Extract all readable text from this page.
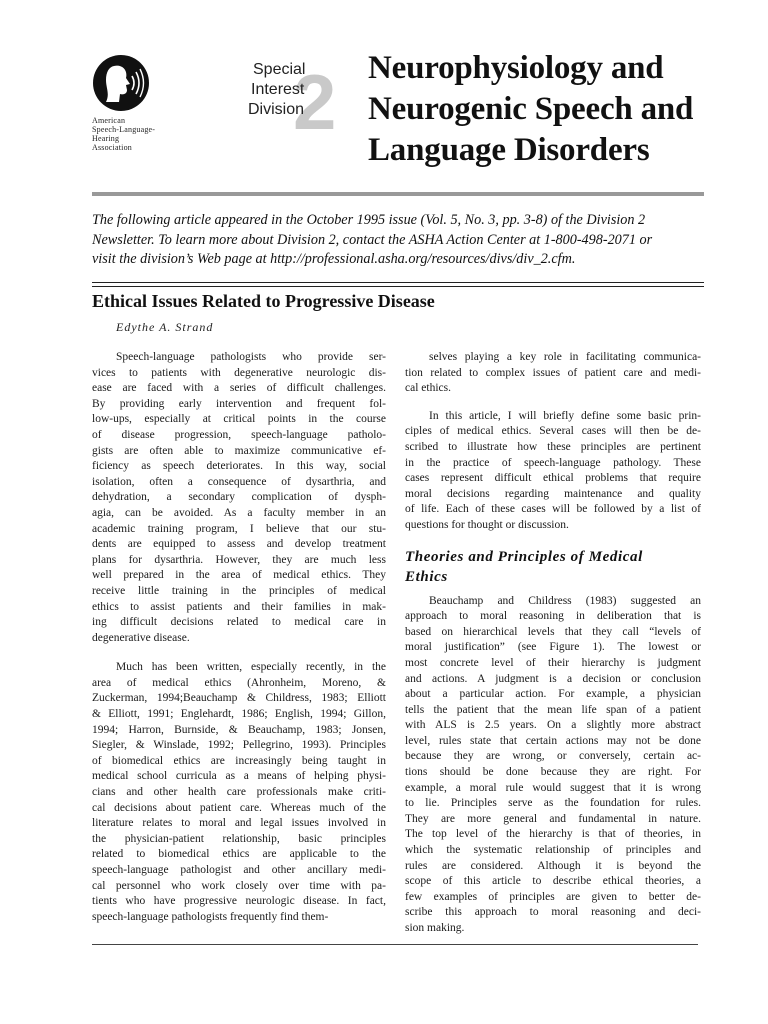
American
Speech-Language-
Hearing
Association
2
Special
Interest
Division
Neurophysiology and
Neurogenic Speech and
Language Disorders
The following article appeared in the October 1995 issue (Vol. 5, No. 3, pp. 3-8) of the Division 2
Newsletter. To learn more about Division 2, contact the ASHA Action Center at 1-800-498-2071 or
visit the division’s Web page at http://professional.asha.org/resources/divs/div_2.cfm.
Ethical Issues Related to Progressive Disease
Edythe A. Strand
Speech-language pathologists who provide ser-
vices to patients with degenerative neurologic dis-
ease are faced with a series of difficult challenges.
By providing early intervention and frequent fol-
low-ups, especially at critical points in the course
of disease progression, speech-language patholo-
gists are often able to maximize communicative ef-
ficiency as speech deteriorates. In this way, social
isolation, often a consequence of dysarthria, and
dehydration, a secondary complication of dysph-
agia, can be avoided. As a faculty member in an
academic training program, I believe that our stu-
dents are equipped to assess and develop treatment
plans for dysarthria. However, they are much less
well prepared in the area of medical ethics. They
receive little training in the principles of medical
ethics to assist patients and their families in mak-
ing difficult decisions related to medical care in
degenerative disease.
Much has been written, especially recently, in the
area of medical ethics (Ahronheim, Moreno, &
Zuckerman, 1994;Beauchamp & Childress, 1983; Elliott
& Elliott, 1991; Englehardt, 1986; English, 1994; Gillon,
1994; Harron, Burnside, & Beauchamp, 1983; Jonsen,
Siegler, & Winslade, 1992; Pellegrino, 1993). Principles
of biomedical ethics are increasingly being taught in
medical school curricula as a means of helping physi-
cians and other health care professionals make criti-
cal decisions about patient care. Whereas much of the
literature relates to moral and legal issues involved in
the physician-patient relationship, basic principles
related to biomedical ethics are applicable to the
speech-language pathologist and other ancillary medi-
cal personnel who work closely over time with pa-
tients who have progressive neurologic disease. In fact,
speech-language pathologists frequently find them-
selves playing a key role in facilitating communica-
tion related to complex issues of patient care and medi-
cal ethics.
In this article, I will briefly define some basic prin-
ciples of medical ethics. Several cases will then be de-
scribed to illustrate how these principles are pertinent
in the practice of speech-language pathology. These
cases represent difficult ethical problems that require
moral decisions regarding maintenance and quality
of life. Each of these cases will be followed by a list of
questions for thought or discussion.
Theories and Principles of Medical
Ethics
Beauchamp and Childress (1983) suggested an
approach to moral reasoning in deliberation that is
based on hierarchical levels that they call “levels of
moral justification” (see Figure 1). The lowest or
most concrete level of their hierarchy is judgment
and actions. A judgment is a decision or conclusion
about a particular action. For example, a physician
tells the patient that the mean life span of a patient
with ALS is 2.5 years. On a slightly more abstract
level, rules state that certain actions may not be done
because they are wrong, or conversely, certain ac-
tions should be done because they are right. For
example, a moral rule would suggest that it is wrong
to lie. Principles serve as the foundation for rules.
They are more general and fundamental in nature.
The top level of the hierarchy is that of theories, in
which the systematic relationship of principles and
rules are considered. Although it is beyond the
scope of this article to describe ethical theories, a
few examples of principles are given to better de-
scribe this approach to moral reasoning and deci-
sion making.
